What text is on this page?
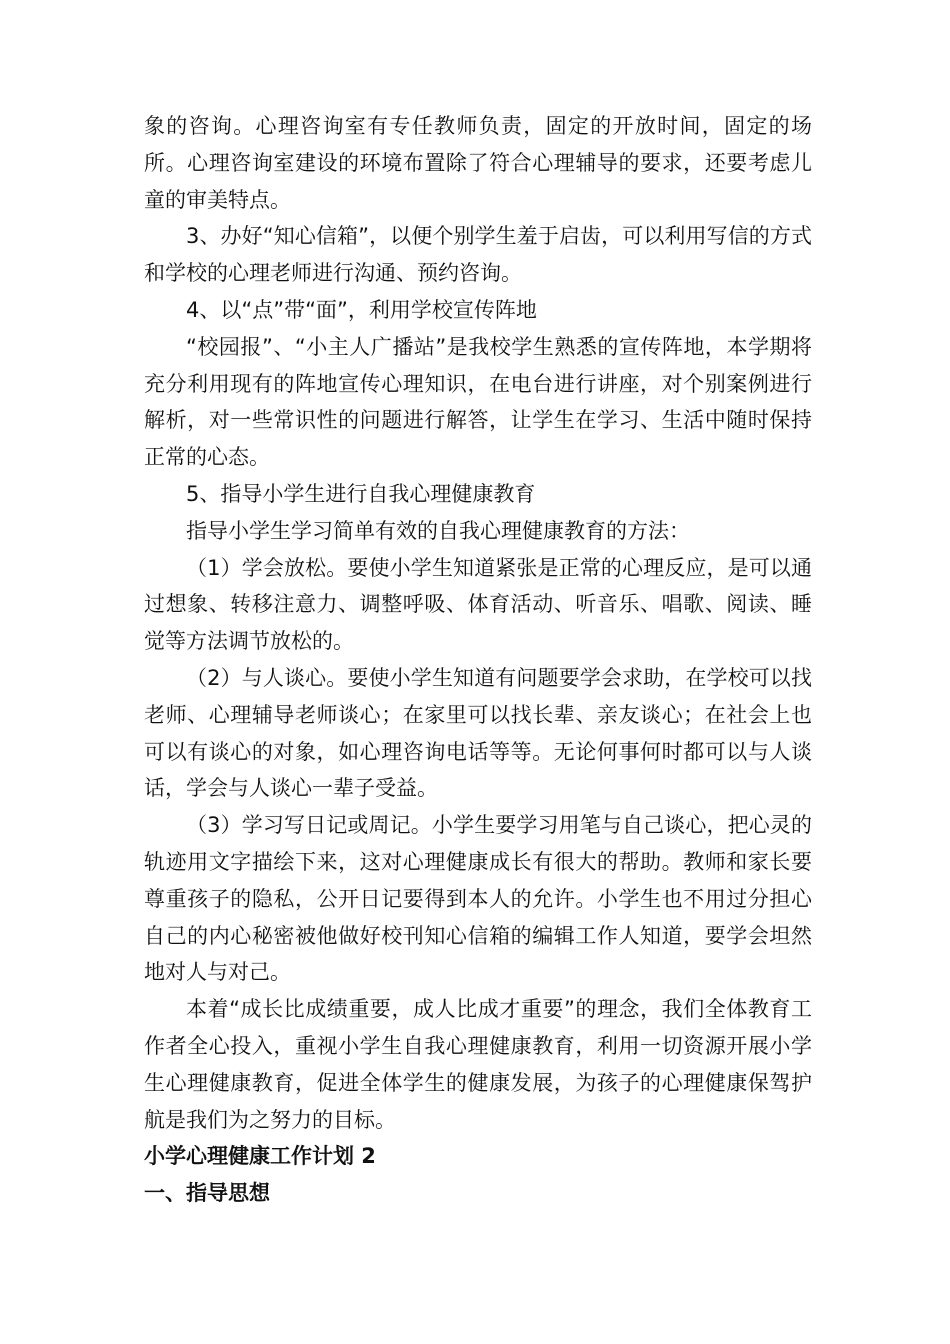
象的咨询。心理咨询室有专任教师负责，固定的开放时间，固定的场所。心理咨询室建设的环境布置除了符合心理辅导的要求，还要考虑儿童的审美特点。

3、办好“知心信箱”，以便个别学生羞于启齿，可以利用写信的方式和学校的心理老师进行沟通、预约咨询。

4、以“点”带“面”，利用学校宣传阵地

“校园报”、“小主人广播站”是我校学生熟悉的宣传阵地，本学期将充分利用现有的阵地宣传心理知识，在电台进行讲座，对个别案例进行解析，对一些常识性的问题进行解答，让学生在学习、生活中随时保持正常的心态。

5、指导小学生进行自我心理健康教育

指导小学生学习简单有效的自我心理健康教育的方法：

（1）学会放松。要使小学生知道紧张是正常的心理反应，是可以通过想象、转移注意力、调整呼吸、体育活动、听音乐、唱歌、阅读、睡觉等方法调节放松的。

（2）与人谈心。要使小学生知道有问题要学会求助，在学校可以找老师、心理辅导老师谈心；在家里可以找长辈、亲友谈心；在社会上也可以有谈心的对象，如心理咨询电话等等。无论何事何时都可以与人谈话，学会与人谈心一辈子受益。

（3）学习写日记或周记。小学生要学习用笔与自己谈心，把心灵的轨迹用文字描绘下来，这对心理健康成长有很大的帮助。教师和家长要尊重孩子的隐私，公开日记要得到本人的允许。小学生也不用过分担心自己的内心秘密被他做好校刊知心信箱的编辑工作人知道，要学会坦然地对人与对己。

本着“成长比成绩重要，成人比成才重要”的理念，我们全体教育工作者全心投入，重视小学生自我心理健康教育，利用一切资源开展小学生心理健康教育，促进全体学生的健康发展，为孩子的心理健康保驾护航是我们为之努力的目标。

小学心理健康工作计划 2
一、指导思想
